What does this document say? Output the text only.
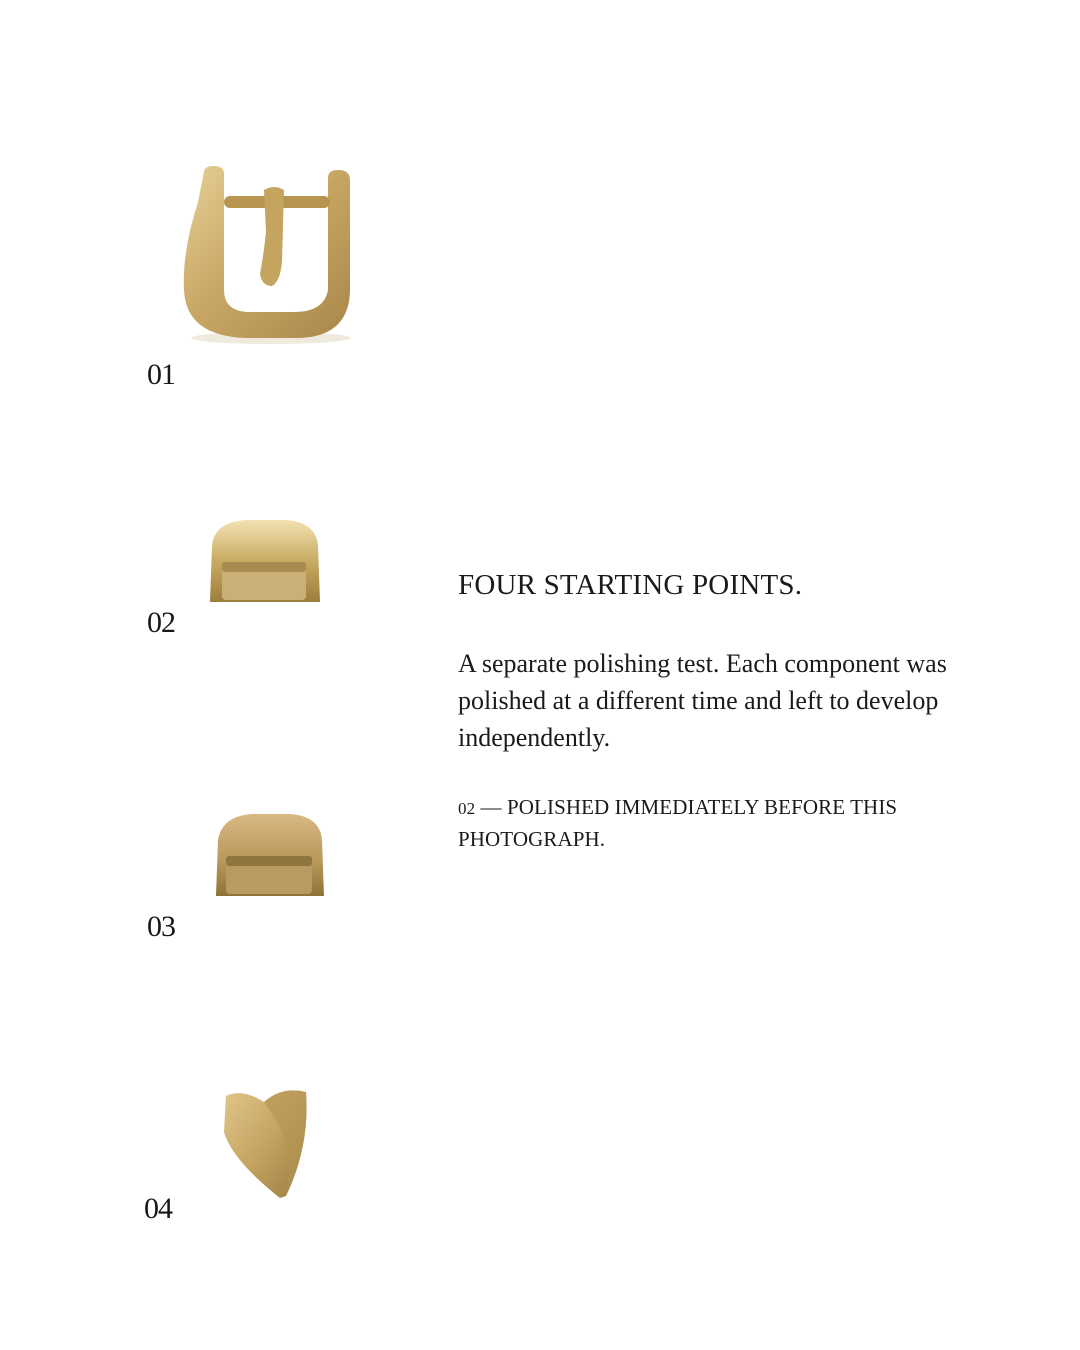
01
02
03
04
FOUR STARTING POINTS.

A separate polishing test. Each component was polished at a different time and left to develop independently.

02 — POLISHED IMMEDIATELY BEFORE THIS PHOTOGRAPH.
